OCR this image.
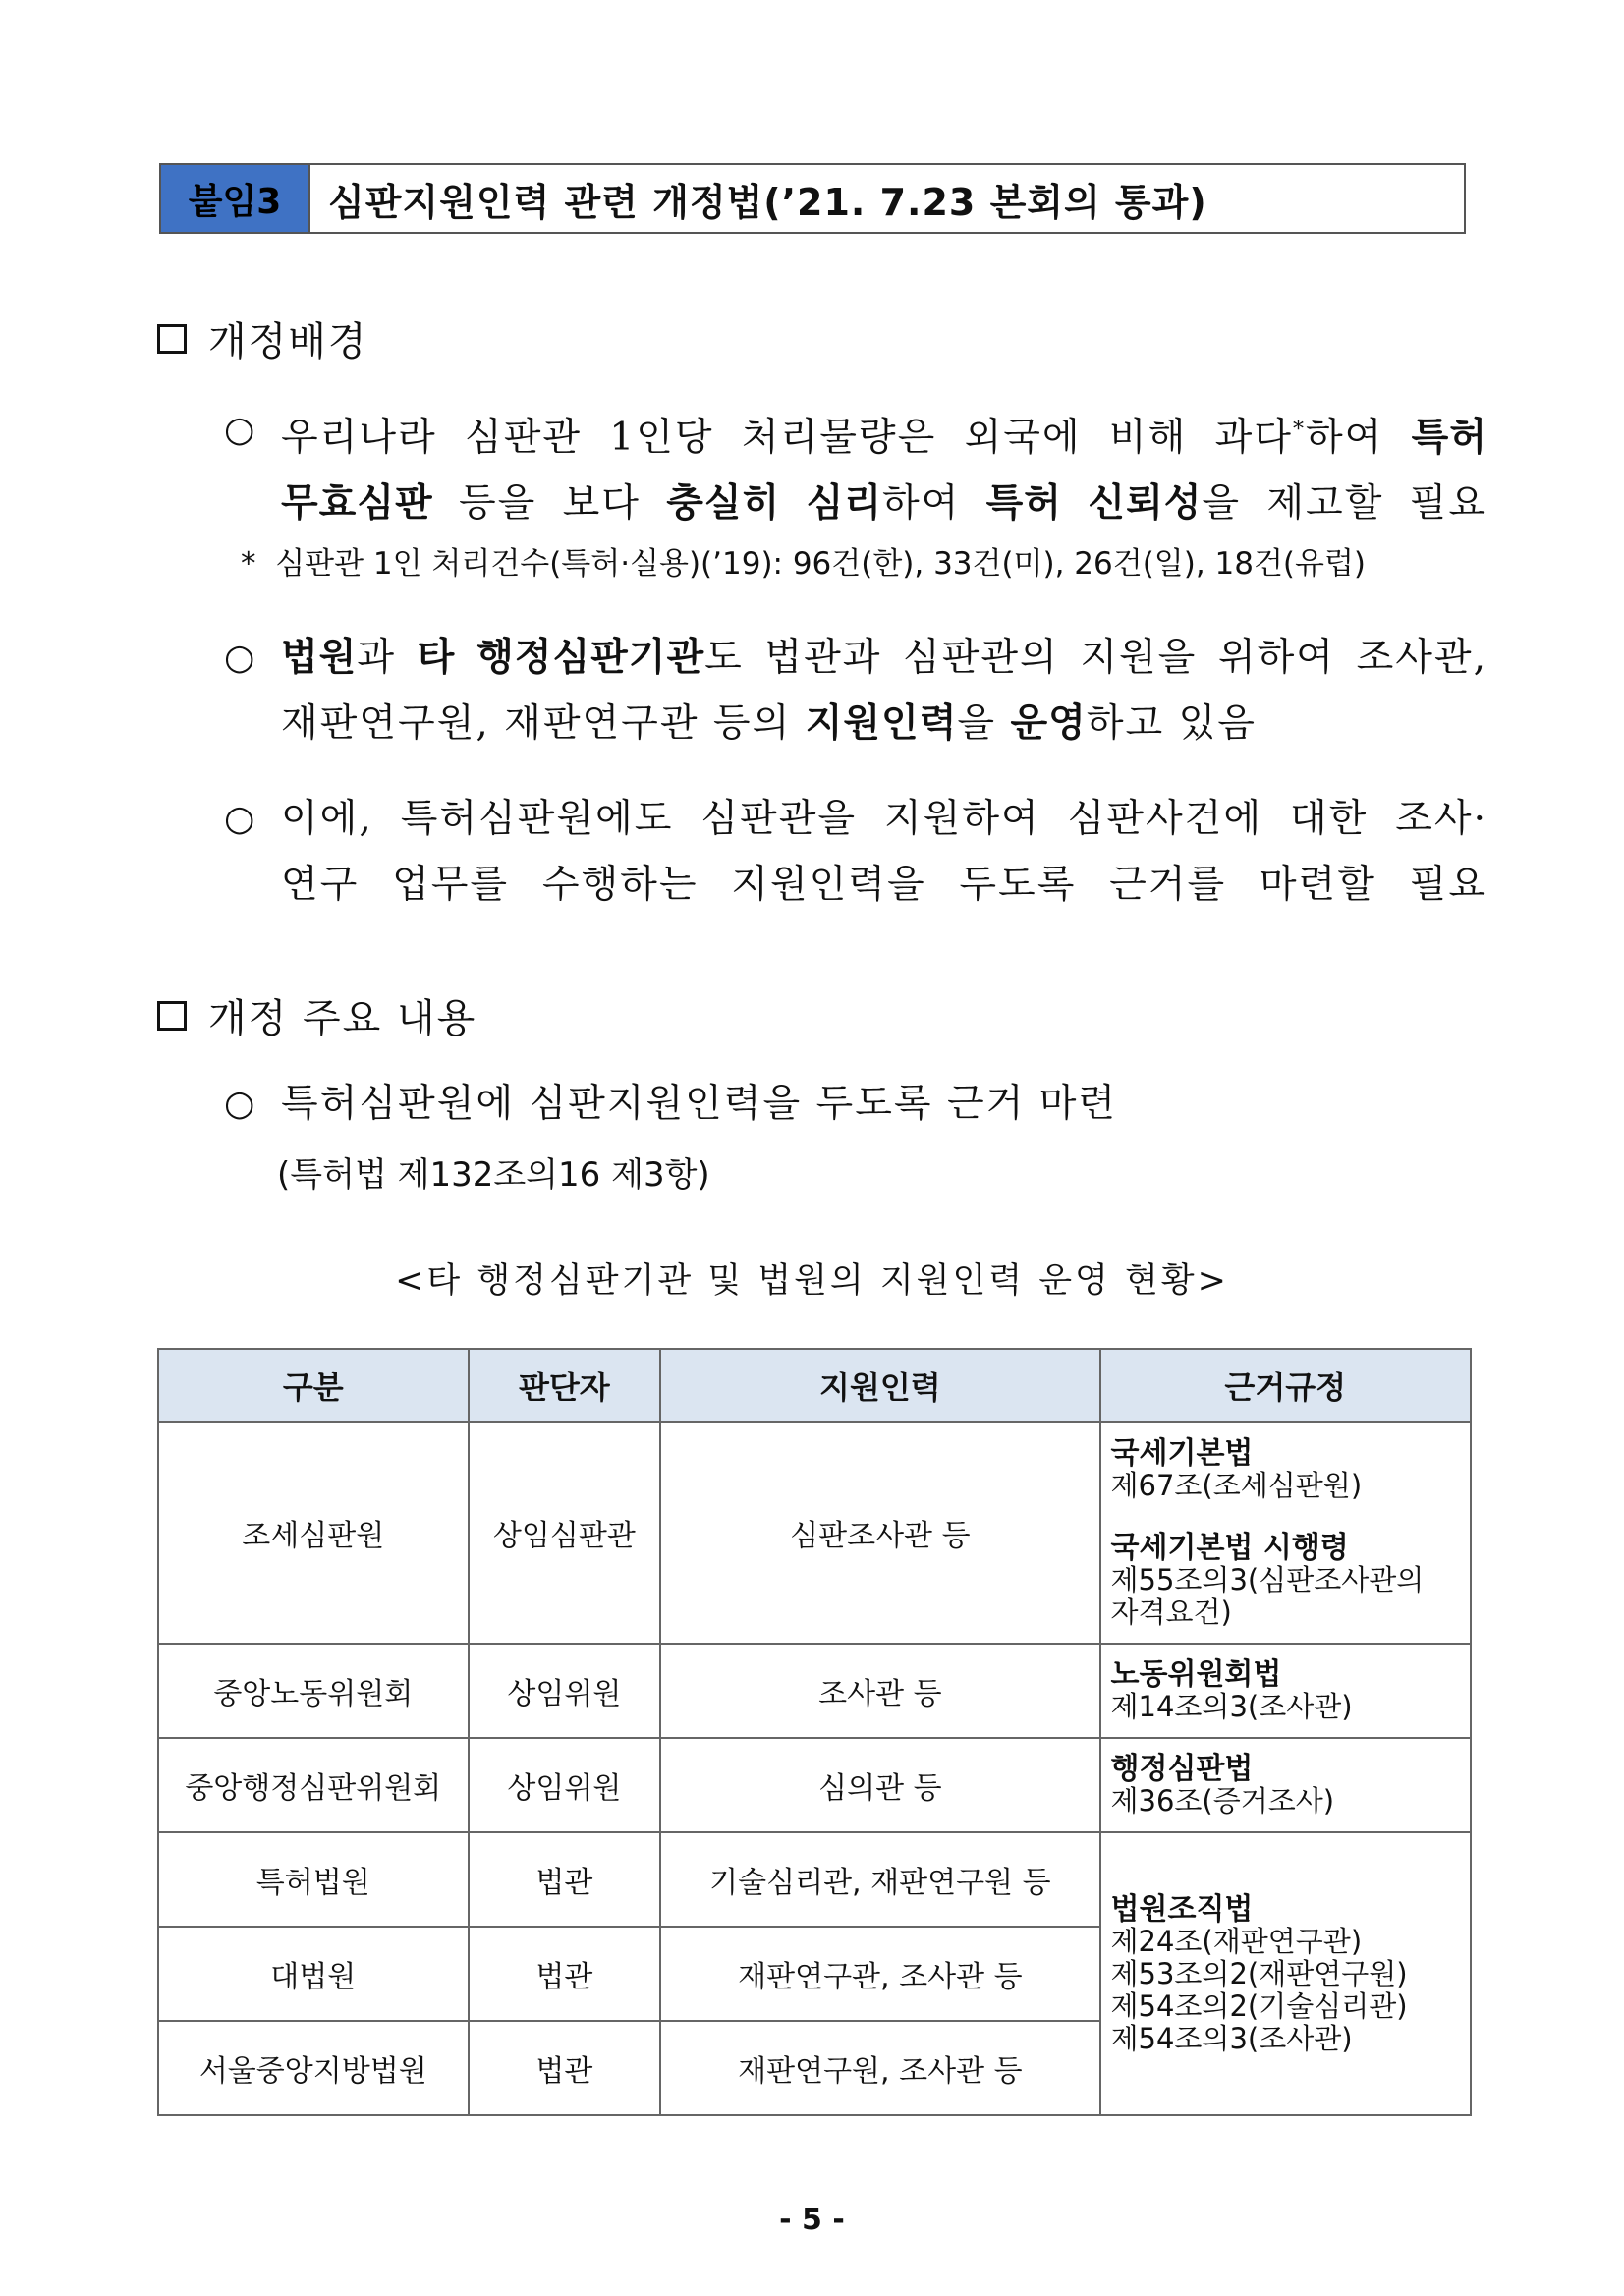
붙임3	심판지원인력 관련 개정법(’21. 7.23 본회의 통과)
개정배경
○ 우리나라 심판관 1인당 처리물량은 외국에 비해 과다*하여 특허
무효심판 등을 보다 충실히 심리하여 특허 신뢰성을 제고할 필요
* 심판관 1인 처리건수(특허·실용)(’19): 96건(한), 33건(미), 26건(일), 18건(유럽)
○ 법원과 타 행정심판기관도 법관과 심판관의 지원을 위하여 조사관,
재판연구원, 재판연구관 등의 지원인력을 운영하고 있음
○ 이에, 특허심판원에도 심판관을 지원하여 심판사건에 대한 조사·
연구 업무를 수행하는 지원인력을 두도록 근거를 마련할 필요
개정 주요 내용
○ 특허심판원에 심판지원인력을 두도록 근거 마련
(특허법 제132조의16 제3항)
<타 행정심판기관 및 법원의 지원인력 운영 현황>
구분	판단자	지원인력	근거규정
조세심판원	상임심판관	심판조사관 등	국세기본법
제67조(조세심판원)
국세기본법 시행령
제55조의3(심판조사관의 자격요건)
중앙노동위원회	상임위원	조사관 등	노동위원회법
제14조의3(조사관)
중앙행정심판위원회	상임위원	심의관 등	행정심판법
제36조(증거조사)
특허법원	법관	기술심리관, 재판연구원 등	법원조직법
제24조(재판연구관)
제53조의2(재판연구원)
제54조의2(기술심리관)
제54조의3(조사관)
대법원	법관	재판연구관, 조사관 등	
서울중앙지방법원	법관	재판연구원, 조사관 등	
- 5 -
